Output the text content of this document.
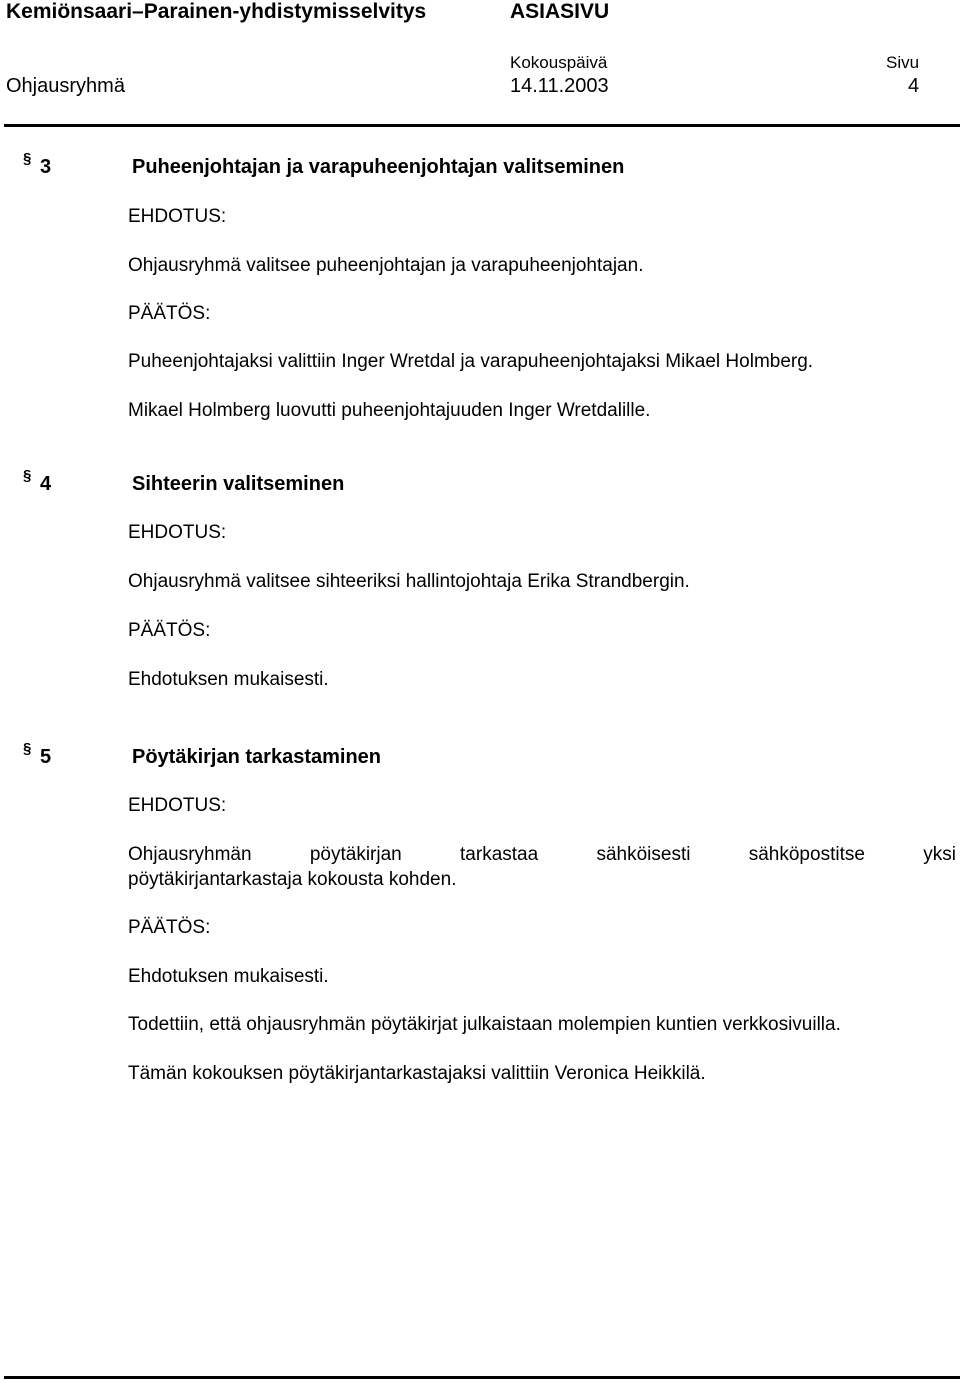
Kemiönsaari–Parainen-yhdistymisselvitys	ASIASIVU
Kokouspäivä	Sivu
Ohjausryhmä	14.11.2003	4
§ 3	Puheenjohtajan ja varapuheenjohtajan valitseminen
EHDOTUS:
Ohjausryhmä valitsee puheenjohtajan ja varapuheenjohtajan.
PÄÄTÖS:
Puheenjohtajaksi valittiin Inger Wretdal ja varapuheenjohtajaksi Mikael Holmberg.
Mikael Holmberg luovutti puheenjohtajuuden Inger Wretdalille.
§ 4	Sihteerin valitseminen
EHDOTUS:
Ohjausryhmä valitsee sihteeriksi hallintojohtaja Erika Strandbergin.
PÄÄTÖS:
Ehdotuksen mukaisesti.
§ 5	Pöytäkirjan tarkastaminen
EHDOTUS:
Ohjausryhmän	pöytäkirjan	tarkastaa	sähköisesti	sähköpostitse	yksi
pöytäkirjantarkastaja kokousta kohden.
PÄÄTÖS:
Ehdotuksen mukaisesti.
Todettiin, että ohjausryhmän pöytäkirjat julkaistaan molempien kuntien verkkosivuilla.
Tämän kokouksen pöytäkirjantarkastajaksi valittiin Veronica Heikkilä.
